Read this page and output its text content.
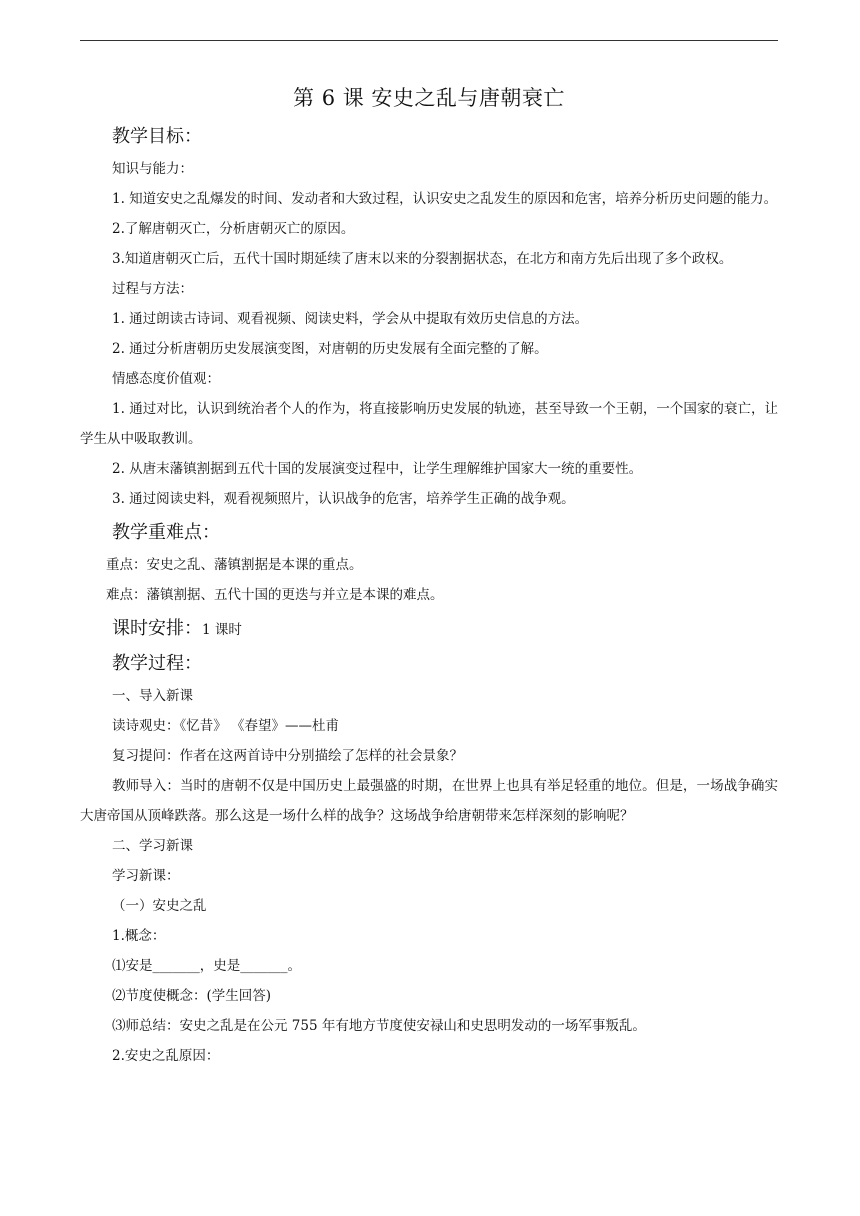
第 6 课 安史之乱与唐朝衰亡
教学目标：

知识与能力：

1. 知道安史之乱爆发的时间、发动者和大致过程，认识安史之乱发生的原因和危害，培养分析历史问题的能力。

2.了解唐朝灭亡，分析唐朝灭亡的原因。

3.知道唐朝灭亡后，五代十国时期延续了唐末以来的分裂割据状态，在北方和南方先后出现了多个政权。

过程与方法：

1. 通过朗读古诗词、观看视频、阅读史料，学会从中提取有效历史信息的方法。

2. 通过分析唐朝历史发展演变图，对唐朝的历史发展有全面完整的了解。

情感态度价值观：

1. 通过对比，认识到统治者个人的作为，将直接影响历史发展的轨迹，甚至导致一个王朝，一个国家的衰亡，让学生从中吸取教训。

2. 从唐末藩镇割据到五代十国的发展演变过程中，让学生理解维护国家大一统的重要性。

3. 通过阅读史料，观看视频照片，认识战争的危害，培养学生正确的战争观。

教学重难点：

重点：安史之乱、藩镇割据是本课的重点。

难点：藩镇割据、五代十国的更迭与并立是本课的难点。

课时安排：1 课时
教学过程：

一、导入新课

读诗观史：《忆昔》 《春望》——杜甫

复习提问：作者在这两首诗中分别描绘了怎样的社会景象？

教师导入：当时的唐朝不仅是中国历史上最强盛的时期，在世界上也具有举足轻重的地位。但是，一场战争确实大唐帝国从顶峰跌落。那么这是一场什么样的战争？这场战争给唐朝带来怎样深刻的影响呢？

二、学习新课

学习新课：

（一）安史之乱

1.概念：

⑴安是_______，史是_______。

⑵节度使概念：(学生回答)

⑶师总结：安史之乱是在公元 755 年有地方节度使安禄山和史思明发动的一场军事叛乱。

2.安史之乱原因：
